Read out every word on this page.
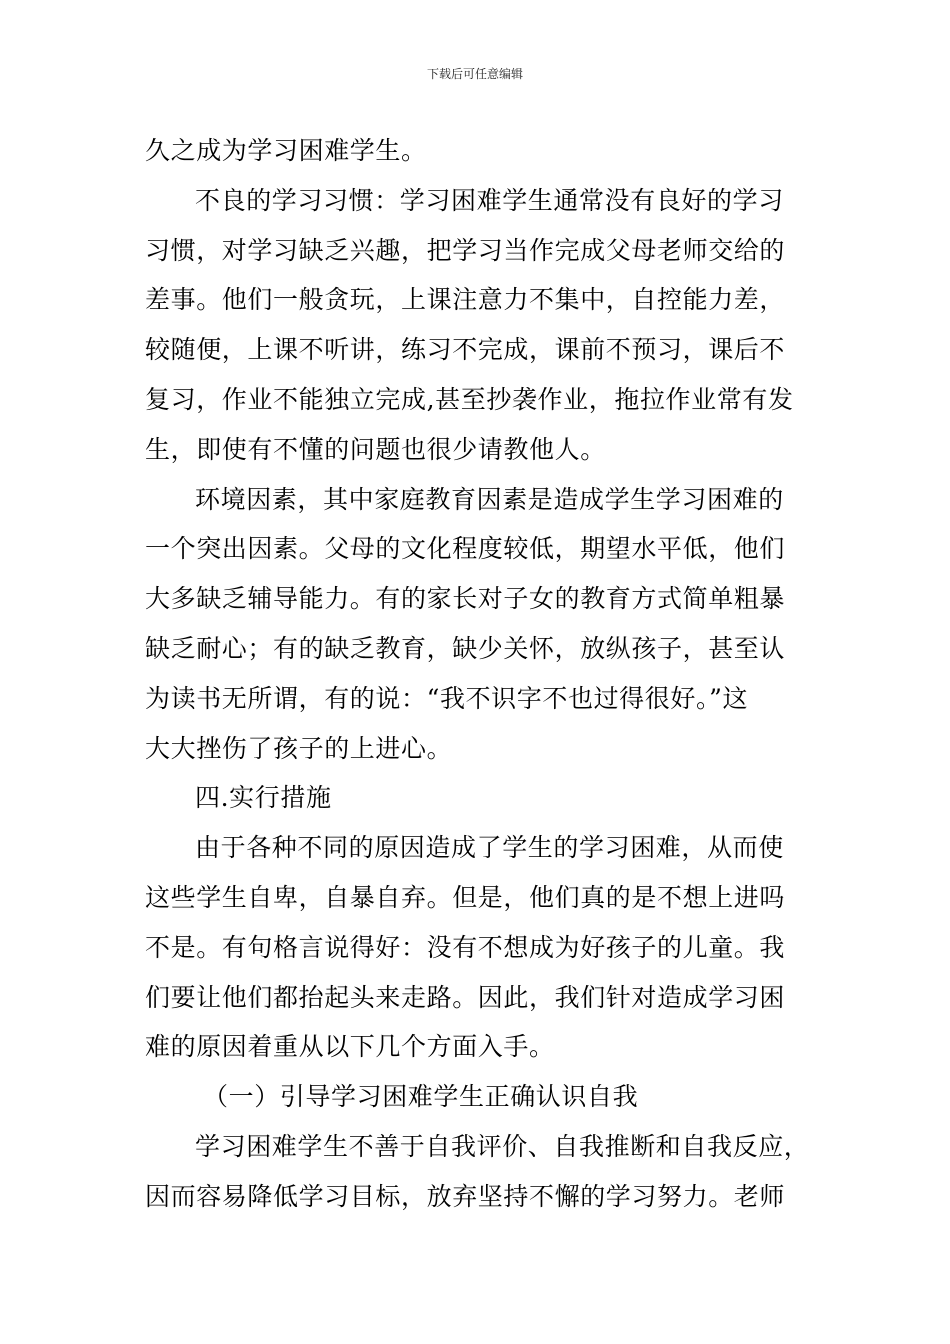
下载后可任意编辑
久之成为学习困难学生。
不良的学习习惯：学习困难学生通常没有良好的学习
习惯，对学习缺乏兴趣，把学习当作完成父母老师交给的
差事。他们一般贪玩，上课注意力不集中，自控能力差，
较随便，上课不听讲，练习不完成，课前不预习，课后不
复习，作业不能独立完成,甚至抄袭作业，拖拉作业常有发
生，即使有不懂的问题也很少请教他人。
环境因素，其中家庭教育因素是造成学生学习困难的
一个突出因素。父母的文化程度较低，期望水平低，他们
大多缺乏辅导能力。有的家长对子女的教育方式简单粗暴
缺乏耐心；有的缺乏教育，缺少关怀，放纵孩子，甚至认
为读书无所谓，有的说：“我不识字不也过得很好。”这
大大挫伤了孩子的上进心。
四.实行措施
由于各种不同的原因造成了学生的学习困难，从而使
这些学生自卑，自暴自弃。但是，他们真的是不想上进吗
不是。有句格言说得好：没有不想成为好孩子的儿童。我
们要让他们都抬起头来走路。因此，我们针对造成学习困
难的原因着重从以下几个方面入手。
（一）引导学习困难学生正确认识自我
学习困难学生不善于自我评价、自我推断和自我反应，
因而容易降低学习目标，放弃坚持不懈的学习努力。老师
